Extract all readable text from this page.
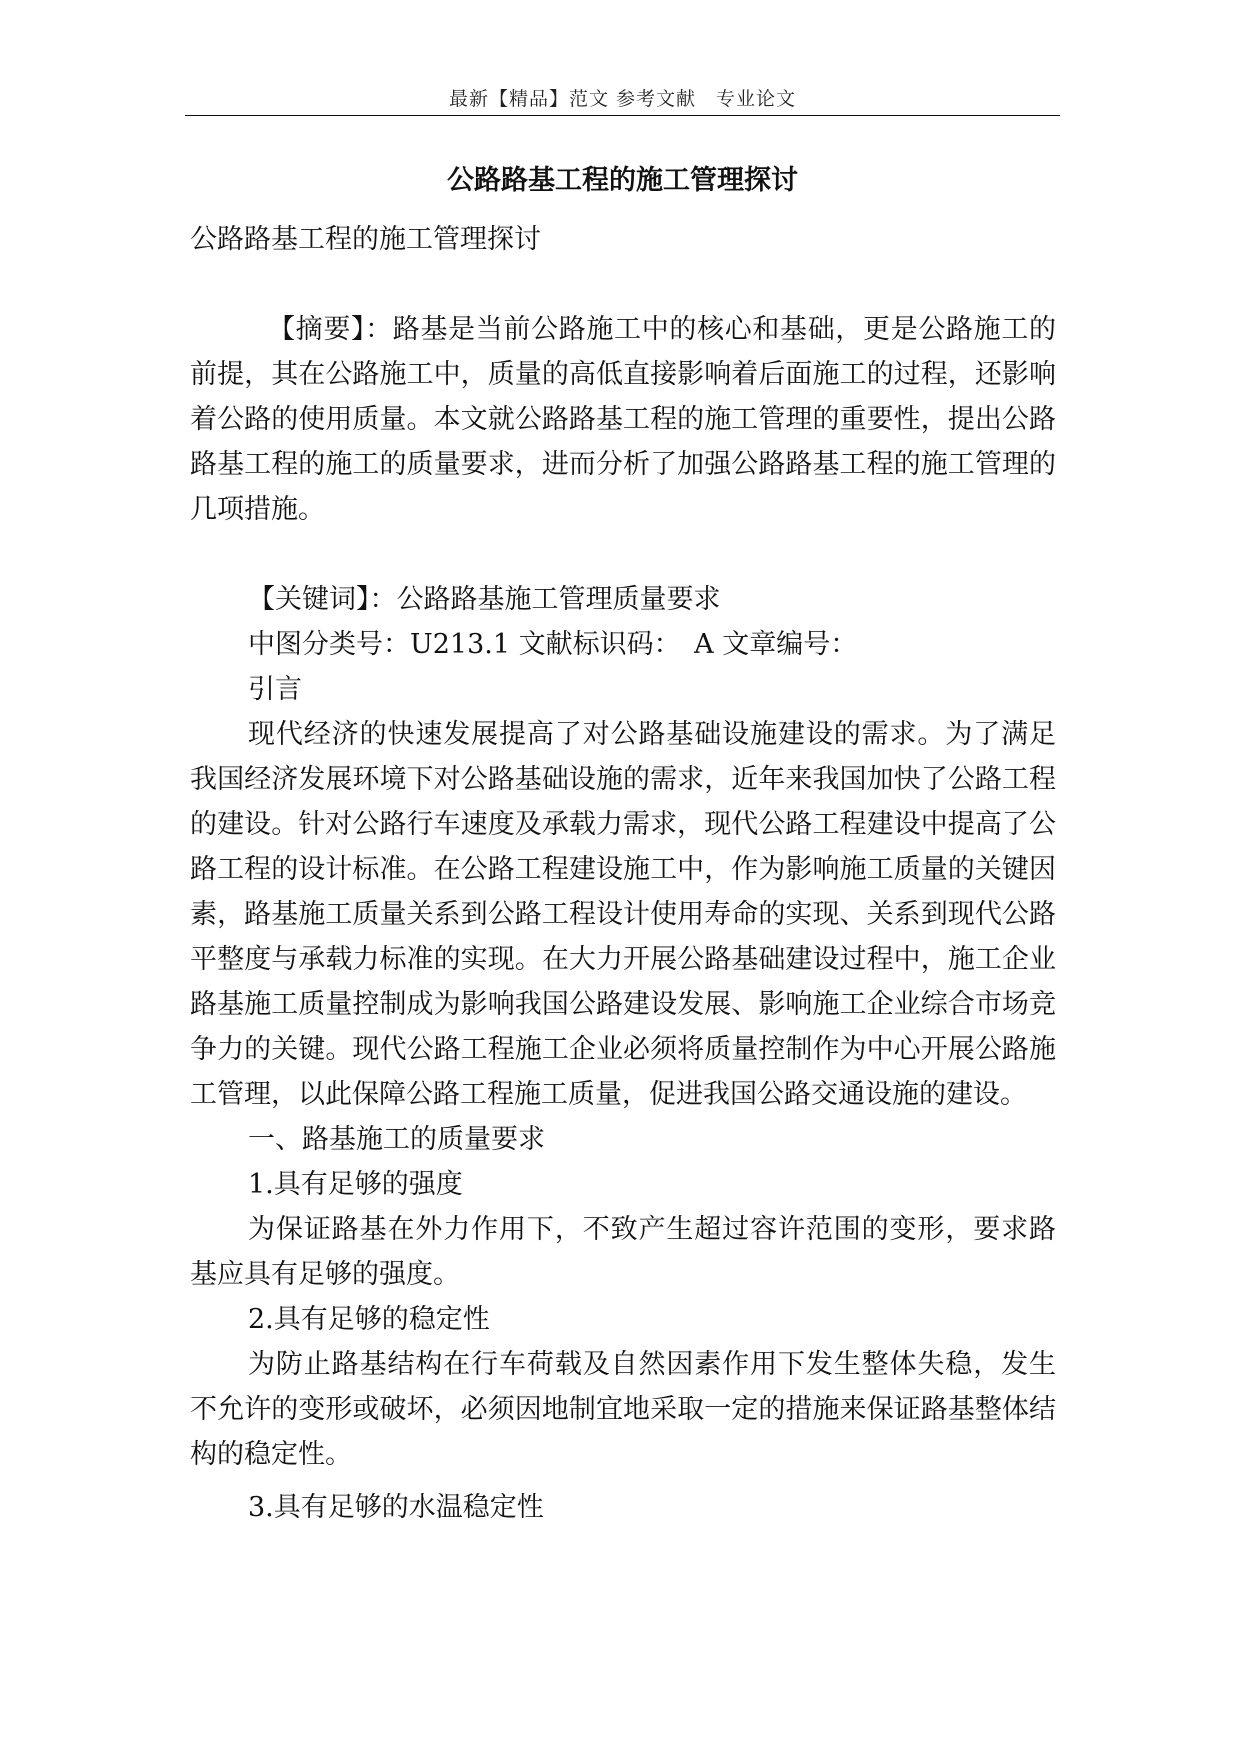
最新【精品】范文 参考文献　专业论文
公路路基工程的施工管理探讨

公路路基工程的施工管理探讨

【摘要】：路基是当前公路施工中的核心和基础，更是公路施工的前提，其在公路施工中，质量的高低直接影响着后面施工的过程，还影响着公路的使用质量。本文就公路路基工程的施工管理的重要性，提出公路路基工程的施工的质量要求，进而分析了加强公路路基工程的施工管理的几项措施。

【关键词】：公路路基施工管理质量要求

中图分类号：U213.1 文献标识码：　A 文章编号：

引言

现代经济的快速发展提高了对公路基础设施建设的需求。为了满足我国经济发展环境下对公路基础设施的需求，近年来我国加快了公路工程的建设。针对公路行车速度及承载力需求，现代公路工程建设中提高了公路工程的设计标准。在公路工程建设施工中，作为影响施工质量的关键因素，路基施工质量关系到公路工程设计使用寿命的实现、关系到现代公路平整度与承载力标准的实现。在大力开展公路基础建设过程中，施工企业路基施工质量控制成为影响我国公路建设发展、影响施工企业综合市场竞争力的关键。现代公路工程施工企业必须将质量控制作为中心开展公路施工管理，以此保障公路工程施工质量，促进我国公路交通设施的建设。

一、路基施工的质量要求

1.具有足够的强度

为保证路基在外力作用下，不致产生超过容许范围的变形，要求路基应具有足够的强度。

2.具有足够的稳定性

为防止路基结构在行车荷载及自然因素作用下发生整体失稳，发生不允许的变形或破坏，必须因地制宜地采取一定的措施来保证路基整体结构的稳定性。

3.具有足够的水温稳定性
